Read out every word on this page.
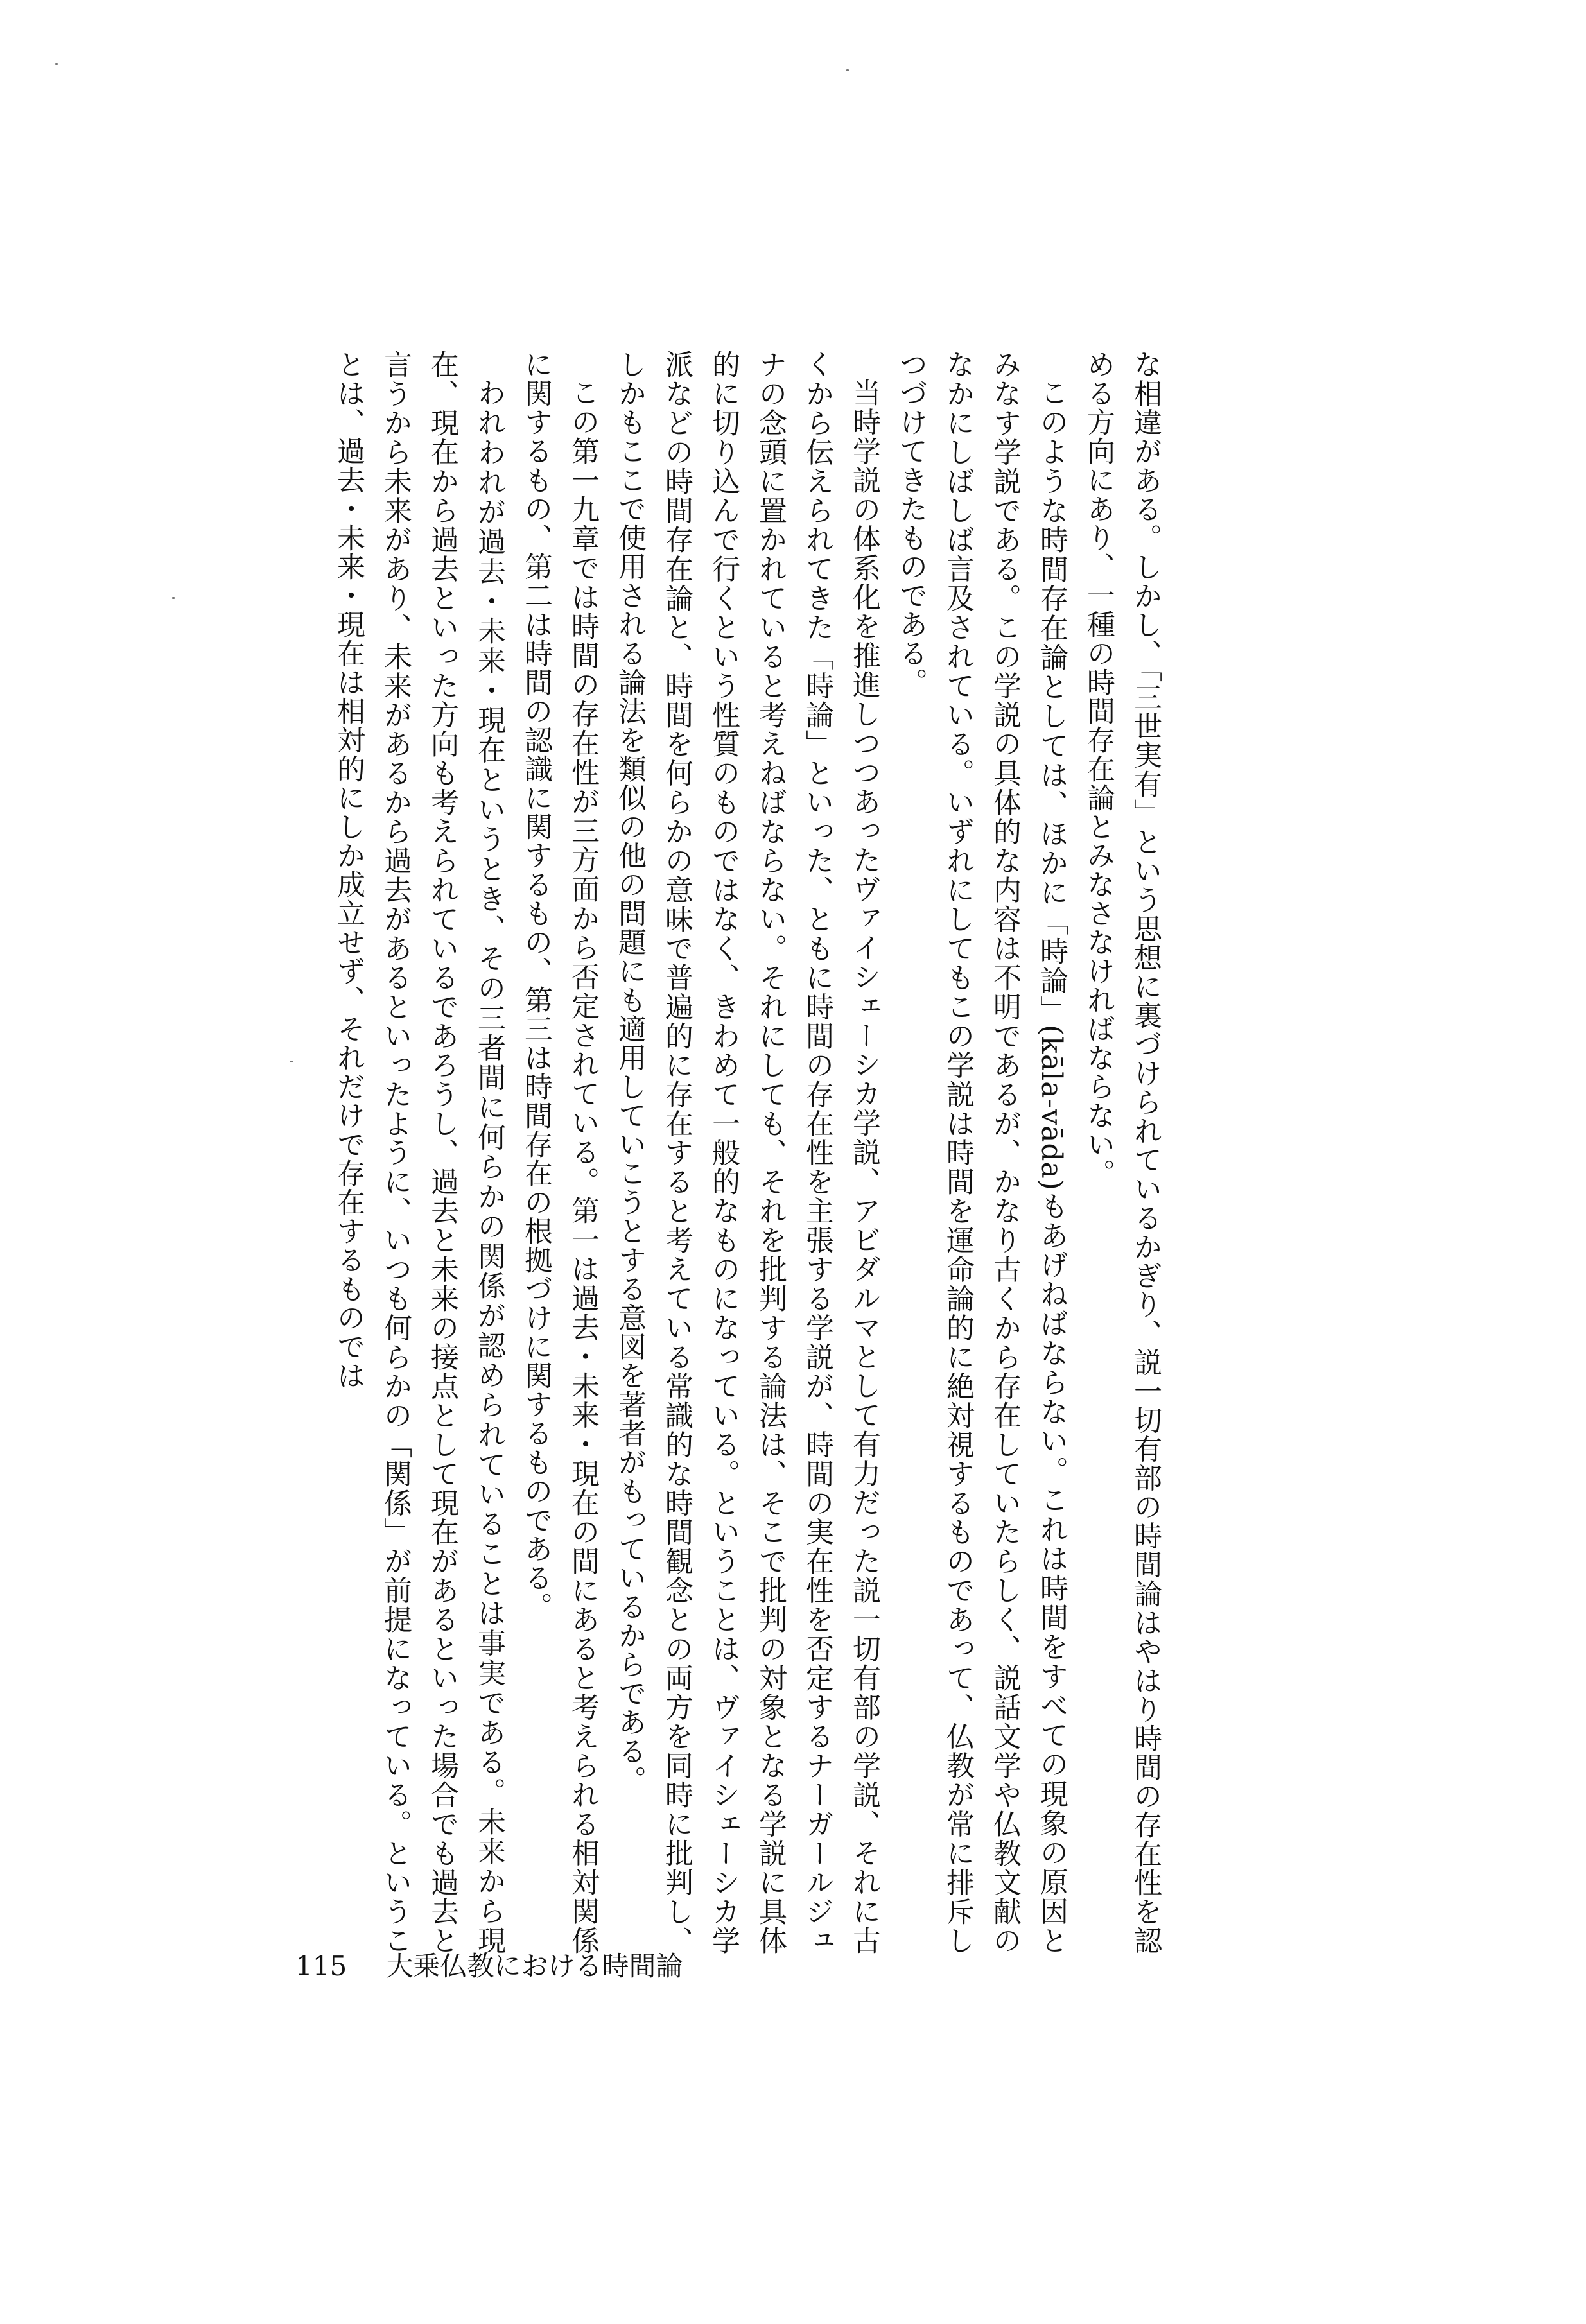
な相違がある。しかし、「三世実有」という思想に裏づけられているかぎり、説一切有部の時間論はやはり時間の存在性を認める方向にあり、一種の時間存在論とみなさなければならない。

このような時間存在論としては、ほかに「時論」(kāla-vāda)もあげねばならない。これは時間をすべての現象の原因とみなす学説である。この学説の具体的な内容は不明であるが、かなり古くから存在していたらしく、説話文学や仏教文献のなかにしばしば言及されている。いずれにしてもこの学説は時間を運命論的に絶対視するものであって、仏教が常に排斥しつづけてきたものである。

当時学説の体系化を推進しつつあったヴァイシェーシカ学説、アビダルマとして有力だった説一切有部の学説、それに古くから伝えられてきた「時論」といった、ともに時間の存在性を主張する学説が、時間の実在性を否定するナーガールジュナの念頭に置かれていると考えねばならない。それにしても、それを批判する論法は、そこで批判の対象となる学説に具体的に切り込んで行くという性質のものではなく、きわめて一般的なものになっている。ということは、ヴァイシェーシカ学派などの時間存在論と、時間を何らかの意味で普遍的に存在すると考えている常識的な時間観念との両方を同時に批判し、しかもここで使用される論法を類似の他の問題にも適用していこうとする意図を著者がもっているからである。

この第一九章では時間の存在性が三方面から否定されている。第一は過去・未来・現在の間にあると考えられる相対関係に関するもの、第二は時間の認識に関するもの、第三は時間存在の根拠づけに関するものである。

われわれが過去・未来・現在というとき、その三者間に何らかの関係が認められていることは事実である。未来から現在、現在から過去といった方向も考えられているであろうし、過去と未来の接点として現在があるといった場合でも過去と言うから未来があり、未来があるから過去があるといったように、いつも何らかの「関係」が前提になっている。ということは、過去・未来・現在は相対的にしか成立せず、それだけで存在するものでは

115 大乗仏教における時間論
